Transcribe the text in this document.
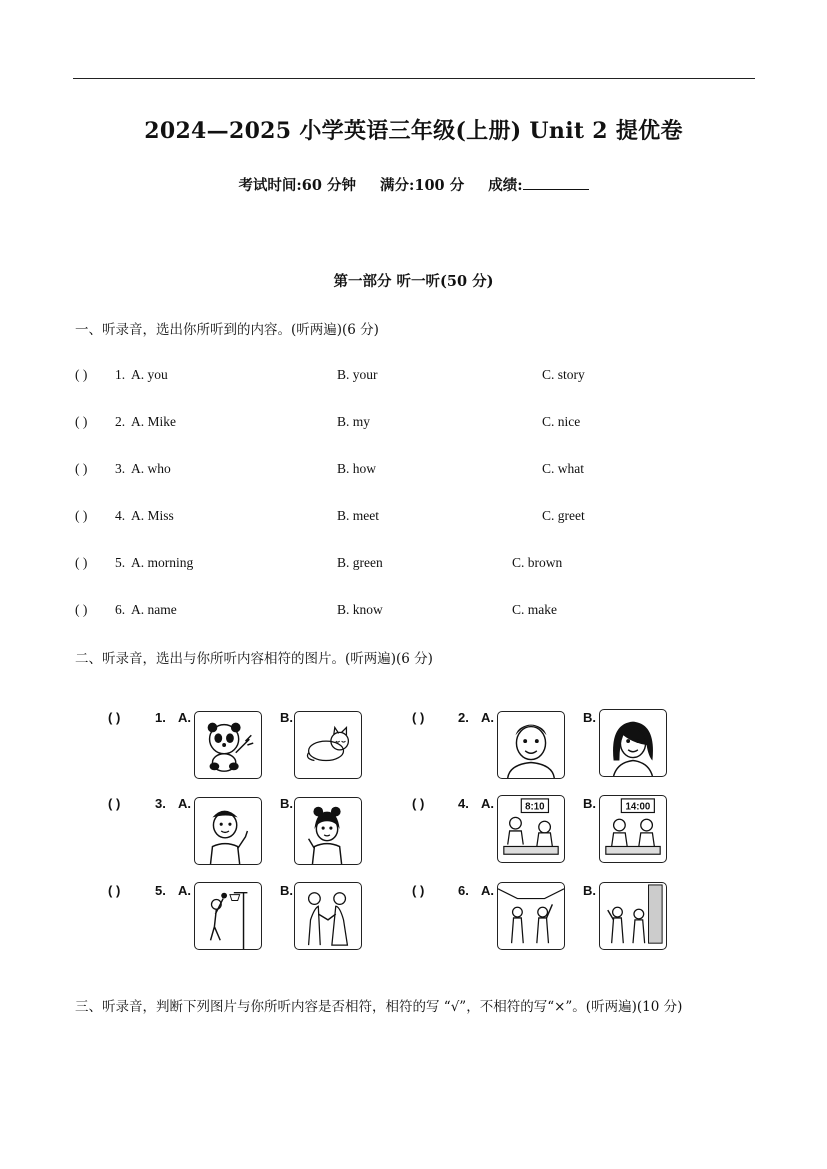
2024—2025 小学英语三年级(上册) Unit 2 提优卷
考试时间:60 分钟 满分:100 分 成绩:
第一部分 听一听(50 分)
一、听录音，选出你所听到的内容。(听两遍)(6 分)
( ) 1. A. you	B. your	C. story
( ) 2. A. Mike	B. my	C. nice
( ) 3. A. who	B. how	C. what
( ) 4. A. Miss	B. meet	C. greet
( ) 5. A. morning	B. green	C. brown
( ) 6. A. name	B. know	C. make
二、听录音，选出与你所听内容相符的图片。(听两遍)(6 分)
( )	1. A.	B.	( )	2. A.	B.
( )	3. A.	B.	( )	4. A.	8:10	B.	14:00
( )	5. A.	B.	( )	6. A.	B.
三、听录音，判断下列图片与你所听内容是否相符，相符的写 “√”，不相符的写“×”。(听两遍)(10 分)
